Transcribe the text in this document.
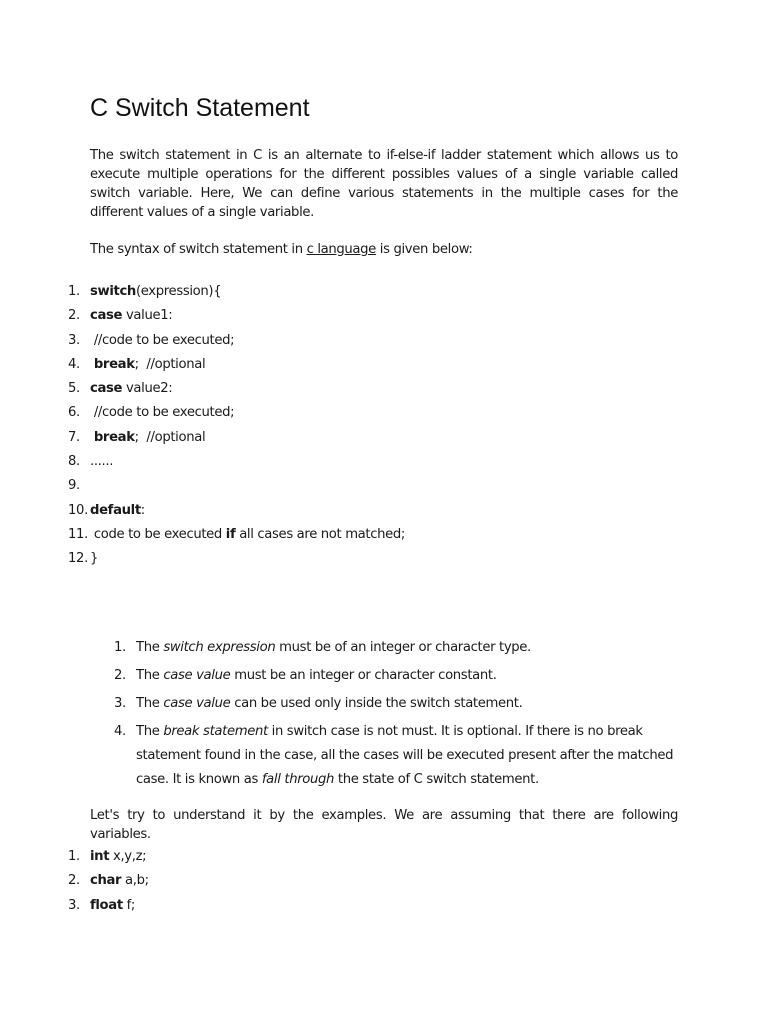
C Switch Statement

The switch statement in C is an alternate to if-else-if ladder statement which allows us to execute multiple operations for the different possibles values of a single variable called switch variable. Here, We can define various statements in the multiple cases for the different values of a single variable.

The syntax of switch statement in c language is given below:

1. switch(expression){
2. case value1:
3. //code to be executed;
4.	break;  //optional
5. case value2:
6. //code to be executed;
7.	break;  //optional
8. ......
9.
10. default:
11. code to be executed if all cases are not matched;
12. }
1. The switch expression must be of an integer or character type.
2. The case value must be an integer or character constant.
3. The case value can be used only inside the switch statement.
4. The break statement in switch case is not must. It is optional. If there is no break statement found in the case, all the cases will be executed present after the matched case. It is known as fall through the state of C switch statement.

Let's try to understand it by the examples. We are assuming that there are following variables.

1. int x,y,z;
2. char a,b;
3. float f;
